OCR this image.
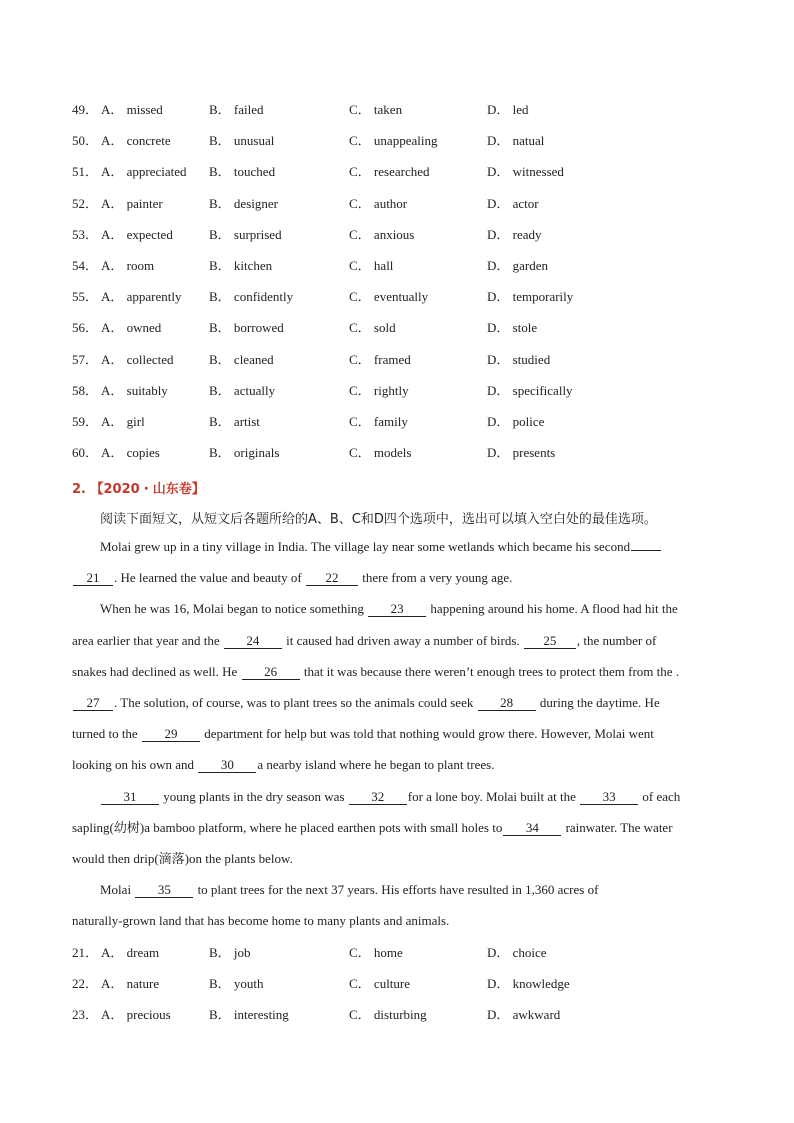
49． A． missed	B． failed	C． taken	D． led
50． A． concrete	B． unusual	C． unappealing	D． natual
51． A． appreciated B． touched	C． researched	D． witnessed
52． A． painter	B． designer	C． author	D． actor
53． A． expected	B． surprised	C． anxious	D． ready
54． A． room	B． kitchen	C． hall	D． garden
55． A． apparently B． confidently	C． eventually	D． temporarily
56． A． owned	B． borrowed	C． sold	D． stole
57． A． collected	B． cleaned	C． framed	D． studied
58． A． suitably	B． actually	C． rightly	D． specifically
59． A． girl	B． artist	C． family	D． police
60． A． copies	B． originals	C． models	D． presents
2. 【2020・山东卷】
阅读下面短文，从短文后各题所给的A、B、C和D四个选项中，选出可以填入空白处的最佳选项。
Molai grew up in a tiny village in India. The village lay near some wetlands which became his second
21 . He learned the value and beauty of 22 there from a very young age.
When he was 16, Molai began to notice something 23 happening around his home. A flood had hit the
area earlier that year and the 24 it caused had driven away a number of birds. 25 , the number of
snakes had declined as well. He 26 that it was because there weren’t enough trees to protect them from the .
27 . The solution, of course, was to plant trees so the animals could seek 28 during the daytime. He
turned to the 29 department for help but was told that nothing would grow there. However, Molai went
looking on his own and 30 a nearby island where he began to plant trees.
31 young plants in the dry season was 32 for a lone boy. Molai built at the 33 of each
sapling(幼树)a bamboo platform, where he placed earthen pots with small holes to 34 rainwater. The water
would then drip(滴落)on the plants below.
Molai 35 to plant trees for the next 37 years. His efforts have resulted in 1,360 acres of
naturally-grown land that has become home to many plants and animals.
21． A． dream	B． job	C． home	D． choice
22． A． nature	B． youth	C． culture	D． knowledge
23． A． precious	B． interesting	C． disturbing	D． awkward
